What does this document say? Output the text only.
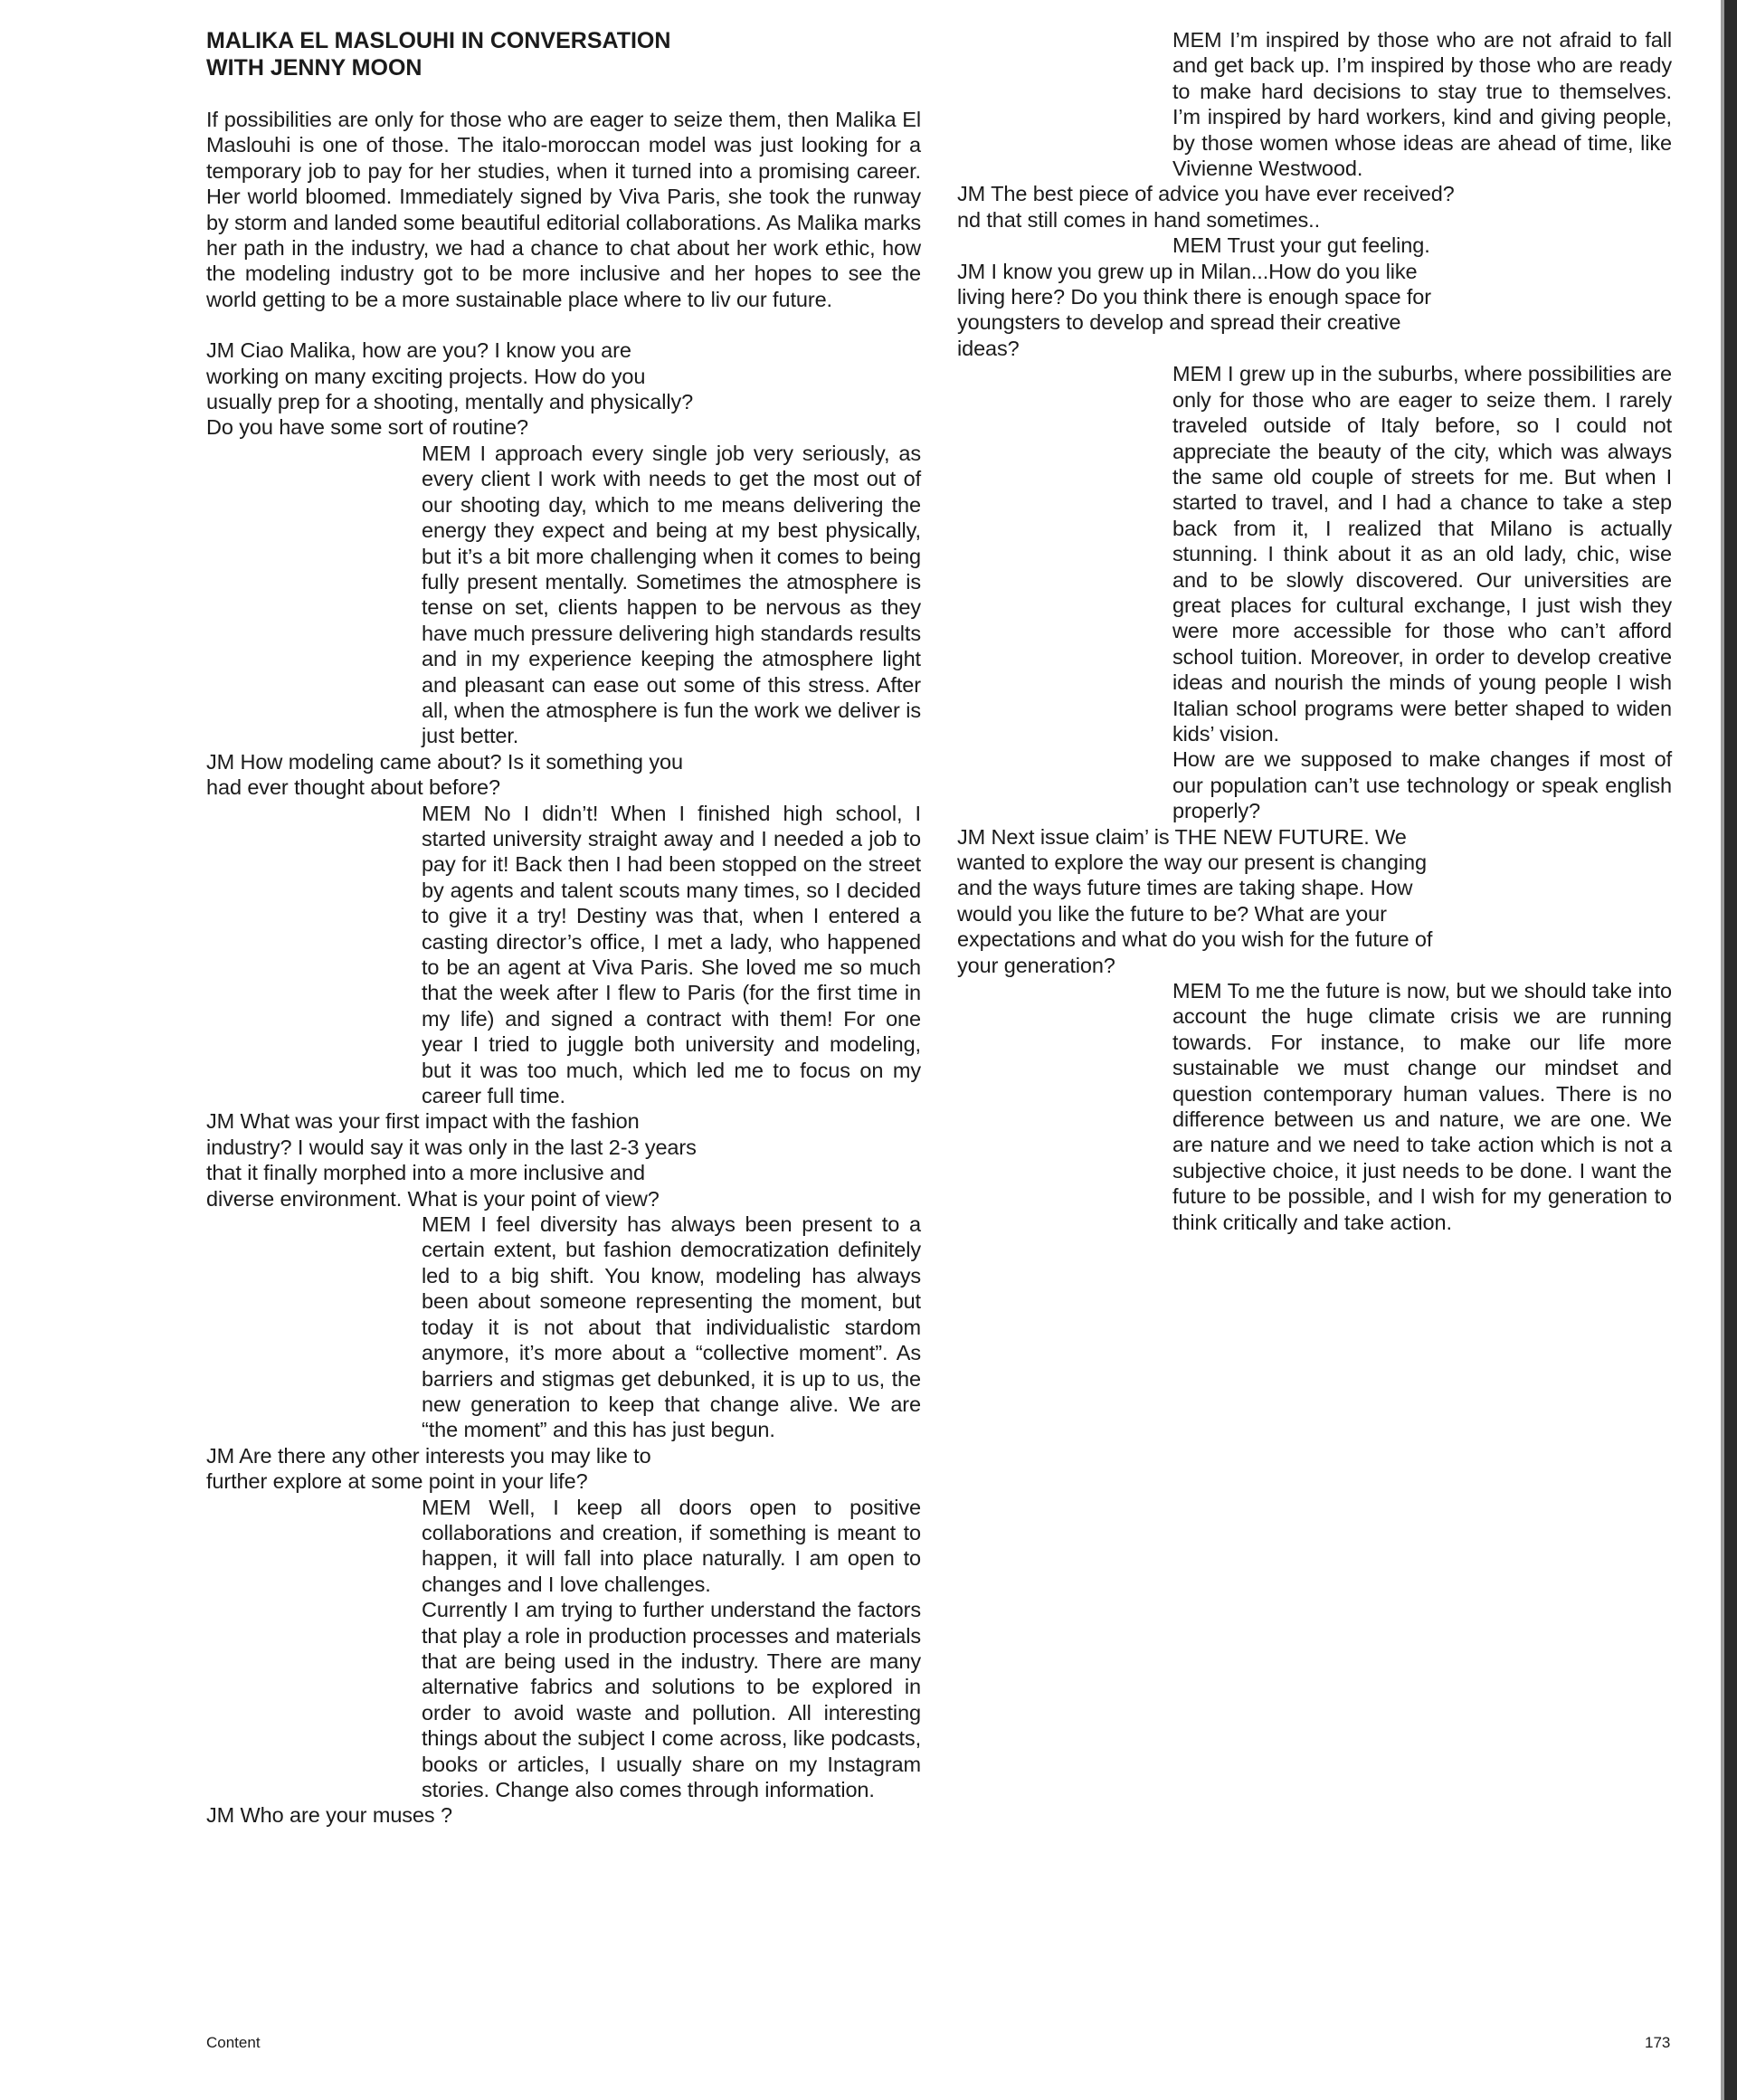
MALIKA EL MASLOUHI IN CONVERSATION
WITH JENNY MOON

If possibilities are only for those who are eager to seize them, then Malika El Maslouhi is one of those. The italo-moroccan model was just looking for a temporary job to pay for her studies, when it turned into a promising career. Her world bloomed. Immediately signed by Viva Paris, she took the runway by storm and landed some beautiful editorial collaborations. As Malika marks her path in the industry, we had a chance to chat about her work ethic, how the modeling industry got to be more inclusive and her hopes to see the world getting to be a more sustainable place where to liv our future.

JM Ciao Malika, how are you? I know you are working on many exciting projects. How do you usually prep for a shooting, mentally and physically? Do you have some sort of routine?

MEM I approach every single job very seriously, as every client I work with needs to get the most out of our shooting day, which to me means delivering the energy they expect and being at my best physically, but it’s a bit more challenging when it comes to being fully present mentally. Sometimes the atmosphere is tense on set, clients happen to be nervous as they have much pressure delivering high standards results and in my experience keeping the atmosphere light and pleasant can ease out some of this stress. After all, when the atmosphere is fun the work we deliver is just better.

JM How modeling came about? Is it something you had ever thought about before?

MEM No I didn’t! When I finished high school, I started university straight away and I needed a job to pay for it! Back then I had been stopped on the street by agents and talent scouts many times, so I decided to give it a try! Destiny was that, when I entered a casting director’s office, I met a lady, who happened to be an agent at Viva Paris. She loved me so much that the week after I flew to Paris (for the first time in my life) and signed a contract with them! For one year I tried to juggle both university and modeling, but it was too much, which led me to focus on my career full time.

JM What was your first impact with the fashion industry? I would say it was only in the last 2-3 years that it finally morphed into a more inclusive and diverse environment. What is your point of view?

MEM I feel diversity has always been present to a certain extent, but fashion democratization definitely led to a big shift. You know, modeling has always been about someone representing the moment, but today it is not about that individualistic stardom anymore, it’s more about a “collective moment”. As barriers and stigmas get debunked, it is up to us, the new generation to keep that change alive. We are “the moment” and this has just begun.

JM Are there any other interests you may like to further explore at some point in your life?

MEM Well, I keep all doors open to positive collaborations and creation, if something is meant to happen, it will fall into place naturally. I am open to changes and I love challenges.

Currently I am trying to further understand the factors that play a role in production processes and materials that are being used in the industry. There are many alternative fabrics and solutions to be explored in order to avoid waste and pollution. All interesting things about the subject I come across, like podcasts, books or articles, I usually share on my Instagram stories. Change also comes through information.

JM Who are your muses ?

MEM I’m inspired by those who are not afraid to fall and get back up. I’m inspired by those who are ready to make hard decisions to stay true to themselves. I’m inspired by hard workers, kind and giving people, by those women whose ideas are ahead of time, like Vivienne Westwood.

JM The best piece of advice you have ever received? nd that still comes in hand sometimes..

MEM Trust your gut feeling.

JM I know you grew up in Milan...How do you like living here? Do you think there is enough space for youngsters to develop and spread their creative ideas?

MEM I grew up in the suburbs, where possibilities are only for those who are eager to seize them. I rarely traveled outside of Italy before, so I could not appreciate the beauty of the city, which was always the same old couple of streets for me. But when I started to travel, and I had a chance to take a step back from it, I realized that Milano is actually stunning. I think about it as an old lady, chic, wise and to be slowly discovered. Our universities are great places for cultural exchange, I just wish they were more accessible for those who can’t afford school tuition. Moreover, in order to develop creative ideas and nourish the minds of young people I wish Italian school programs were better shaped to widen kids’ vision.

How are we supposed to make changes if most of our population can’t use technology or speak english properly?

JM Next issue claim’ is THE NEW FUTURE. We wanted to explore the way our present is changing and the ways future times are taking shape. How would you like the future to be? What are your expectations and what do you wish for the future of your generation?

MEM To me the future is now, but we should take into account the huge climate crisis we are running towards. For instance, to make our life more sustainable we must change our mindset and question contemporary human values. There is no difference between us and nature, we are one. We are nature and we need to take action which is not a subjective choice, it just needs to be done. I want the future to be possible, and I wish for my generation to think critically and take action.

Content	173
